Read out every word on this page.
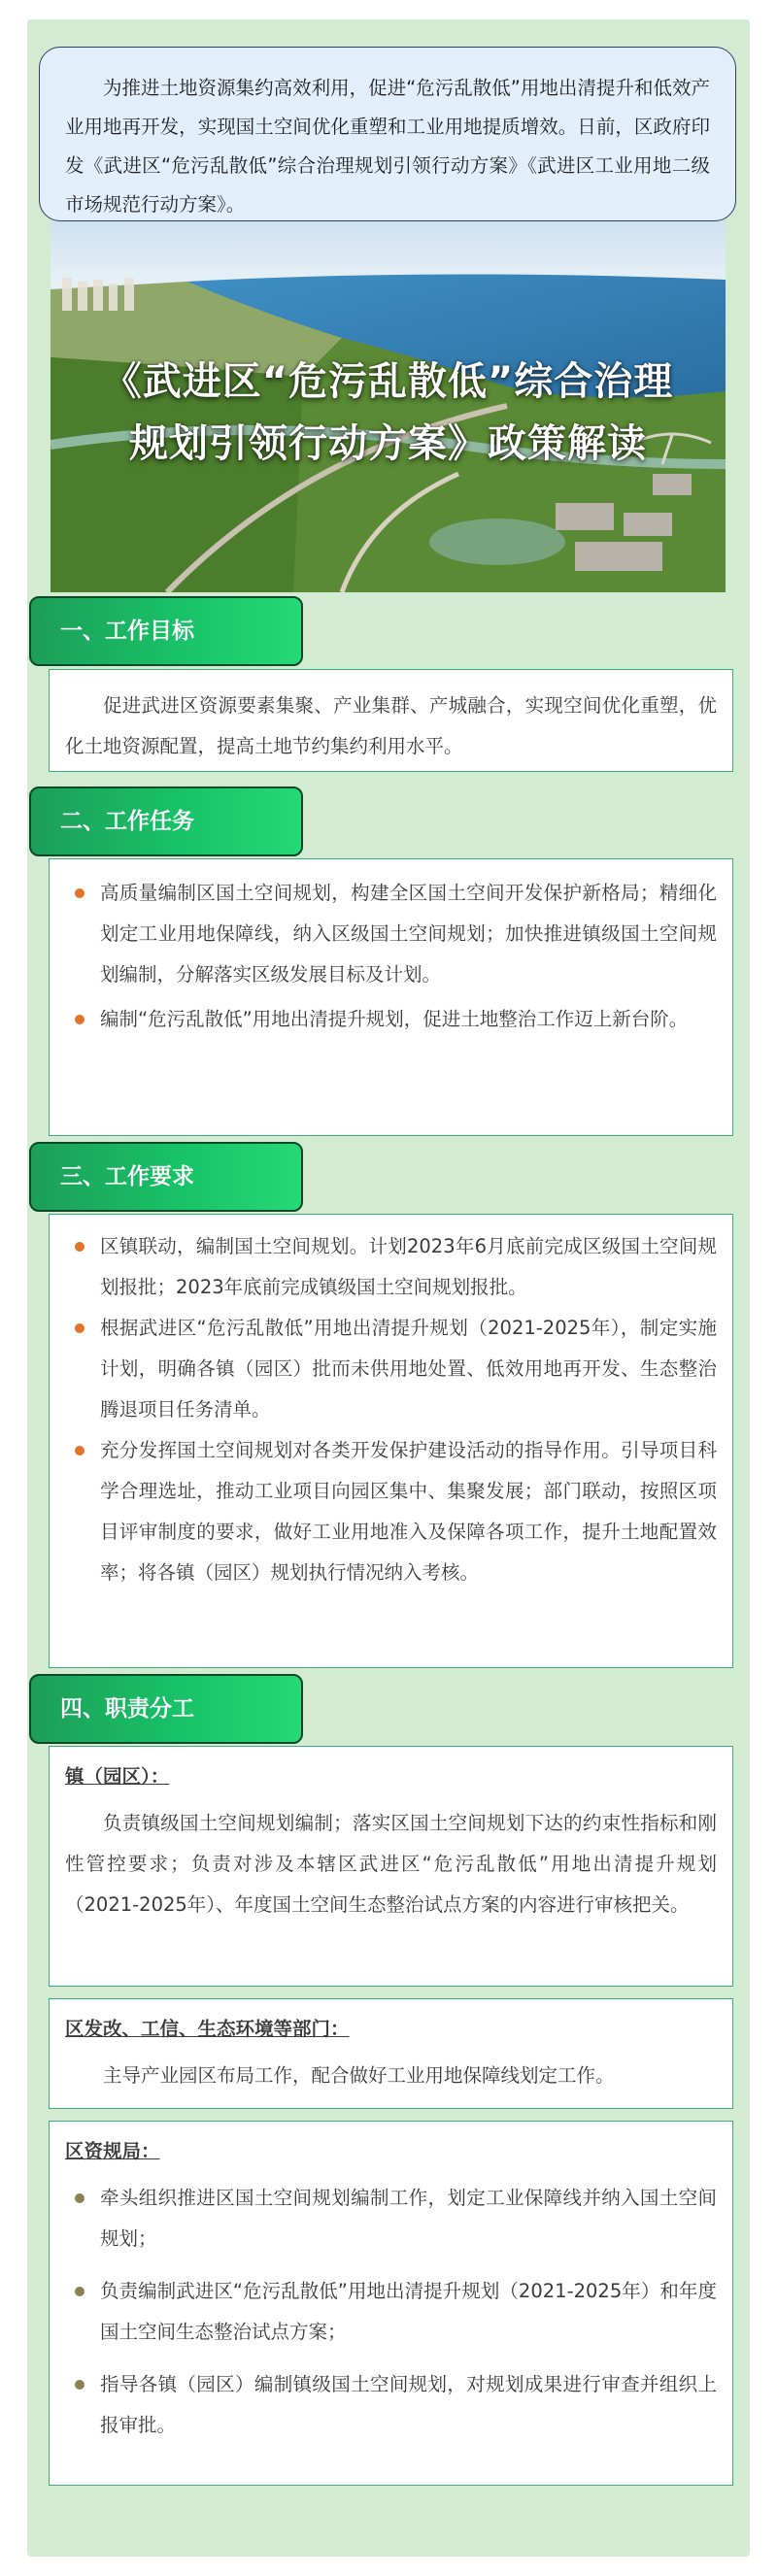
为推进土地资源集约高效利用，促进“危污乱散低”用地出清提升和低效产业用地再开发，实现国土空间优化重塑和工业用地提质增效。日前，区政府印发《武进区“危污乱散低”综合治理规划引领行动方案》《武进区工业用地二级市场规范行动方案》。

《武进区“危污乱散低”综合治理
规划引领行动方案》政策解读
一、工作目标

促进武进区资源要素集聚、产业集群、产城融合，实现空间优化重塑，优化土地资源配置，提高土地节约集约利用水平。

二、工作任务
高质量编制区国土空间规划，构建全区国土空间开发保护新格局；精细化划定工业用地保障线，纳入区级国土空间规划；加快推进镇级国土空间规划编制，分解落实区级发展目标及计划。
编制“危污乱散低”用地出清提升规划，促进土地整治工作迈上新台阶。
三、工作要求
区镇联动，编制国土空间规划。计划2023年6月底前完成区级国土空间规划报批；2023年底前完成镇级国土空间规划报批。
根据武进区“危污乱散低”用地出清提升规划（2021-2025年），制定实施计划，明确各镇（园区）批而未供用地处置、低效用地再开发、生态整治腾退项目任务清单。
充分发挥国土空间规划对各类开发保护建设活动的指导作用。引导项目科学合理选址，推动工业项目向园区集中、集聚发展；部门联动，按照区项目评审制度的要求，做好工业用地准入及保障各项工作，提升土地配置效率；将各镇（园区）规划执行情况纳入考核。
四、职责分工

镇（园区）：

负责镇级国土空间规划编制；落实区国土空间规划下达的约束性指标和刚性管控要求；负责对涉及本辖区武进区“危污乱散低”用地出清提升规划（2021-2025年）、年度国土空间生态整治试点方案的内容进行审核把关。

区发改、工信、生态环境等部门：

主导产业园区布局工作，配合做好工业用地保障线划定工作。

区资规局：

牵头组织推进区国土空间规划编制工作，划定工业保障线并纳入国土空间规划；
负责编制武进区“危污乱散低”用地出清提升规划（2021-2025年）和年度国土空间生态整治试点方案；
指导各镇（园区）编制镇级国土空间规划，对规划成果进行审查并组织上报审批。
